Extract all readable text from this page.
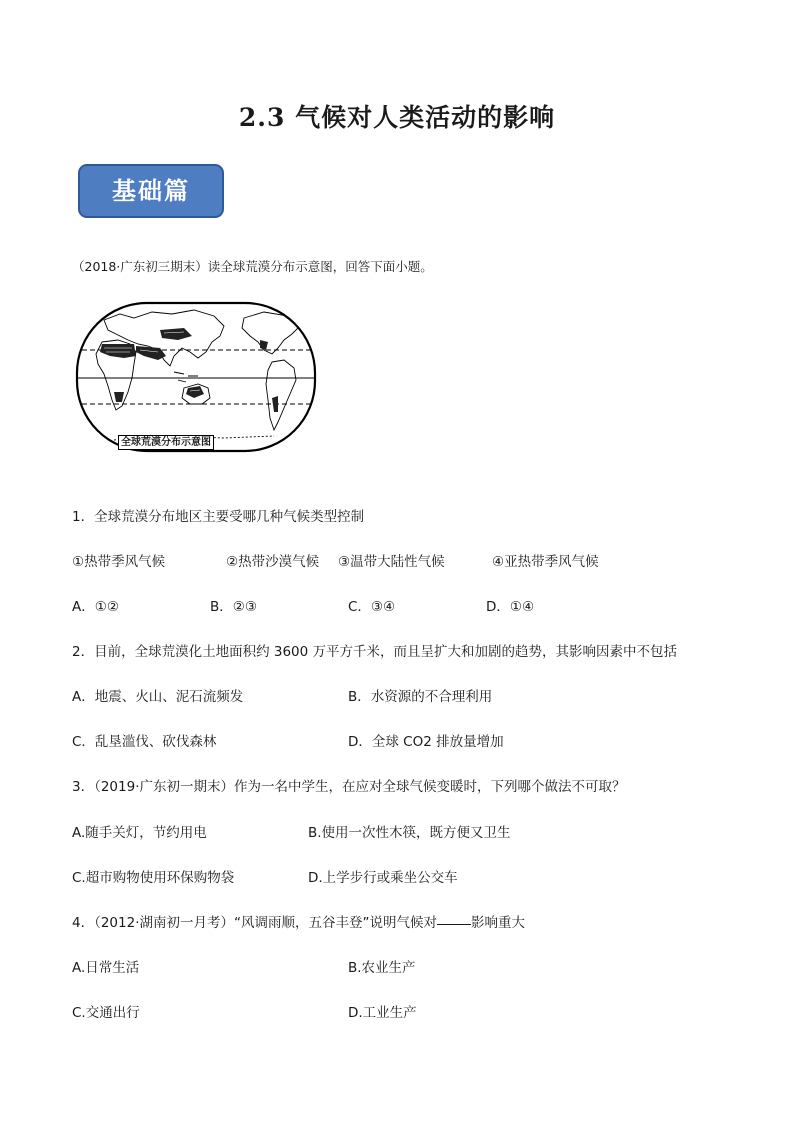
2.3 气候对人类活动的影响
基础篇
（2018·广东初三期末）读全球荒漠分布示意图，回答下面小题。
全球荒漠分布示意图
1．全球荒漠分布地区主要受哪几种气候类型控制
①热带季风气候	②热带沙漠气候 ③温带大陆性气候	④亚热带季风气候
A．①②	B．②③	C．③④	D．①④
2．目前，全球荒漠化土地面积约 3600 万平方千米，而且呈扩大和加剧的趋势，其影响因素中不包括
A．地震、火山、泥石流频发	B．水资源的不合理利用
C．乱垦滥伐、砍伐森林	D．全球 CO2 排放量增加
3．（2019·广东初一期末）作为一名中学生，在应对全球气候变暖时，下列哪个做法不可取？
A.随手关灯，节约用电	B.使用一次性木筷，既方便又卫生
C.超市购物使用环保购物袋	D.上学步行或乘坐公交车
4．（2012·湖南初一月考）“风调雨顺，五谷丰登”说明气候对	影响重大
A.日常生活	B.农业生产
C.交通出行	D.工业生产
